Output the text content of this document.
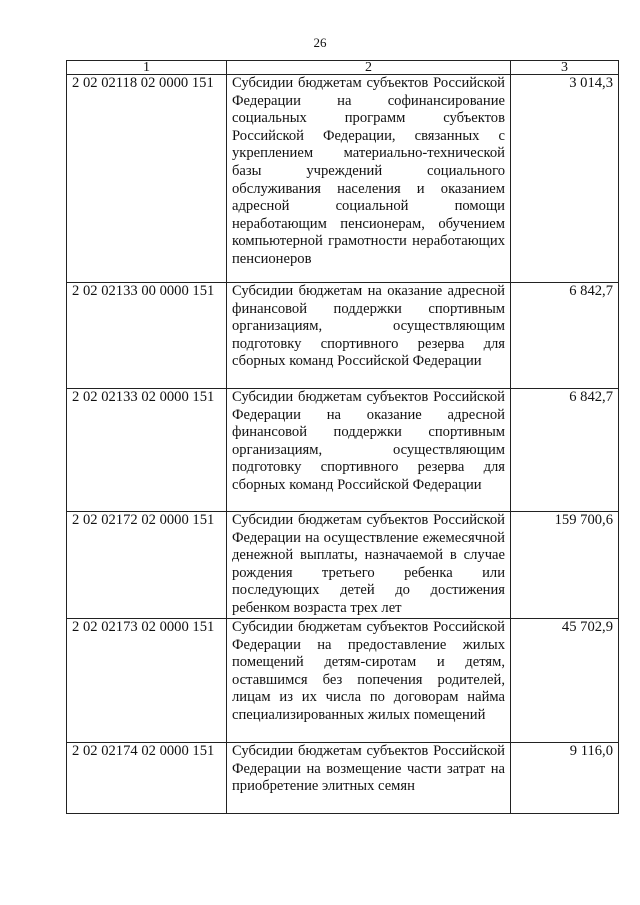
26
1	2	3
2 02 02118 02 0000 151	Субсидии бюджетам субъектов Российской Федерации на софинансирование социальных программ субъектов Российской Федерации, связанных с укреплением материально-технической базы учреждений социального обслуживания населения и оказанием адресной социальной помощи неработающим пенсионерам, обучением компьютерной грамотности неработающих пенсионеров	3 014,3
2 02 02133 00 0000 151	Субсидии бюджетам на оказание адресной финансовой поддержки спортивным организациям, осуществляющим подготовку спортивного резерва для сборных команд Российской Федерации	6 842,7
2 02 02133 02 0000 151	Субсидии бюджетам субъектов Российской Федерации на оказание адресной финансовой поддержки спортивным организациям, осуществляющим подготовку спортивного резерва для сборных команд Российской Федерации	6 842,7
2 02 02172 02 0000 151	Субсидии бюджетам субъектов Российской Федерации на осуществление ежемесячной денежной выплаты, назначаемой в случае рождения третьего ребенка или последующих детей до достижения ребенком возраста трех лет	159 700,6
2 02 02173 02 0000 151	Субсидии бюджетам субъектов Российской Федерации на предоставление жилых помещений детям-сиротам и детям, оставшимся без попечения родителей, лицам из их числа по договорам найма специализированных жилых помещений	45 702,9
2 02 02174 02 0000 151	Субсидии бюджетам субъектов Российской Федерации на возмещение части затрат на приобретение элитных семян	9 116,0
